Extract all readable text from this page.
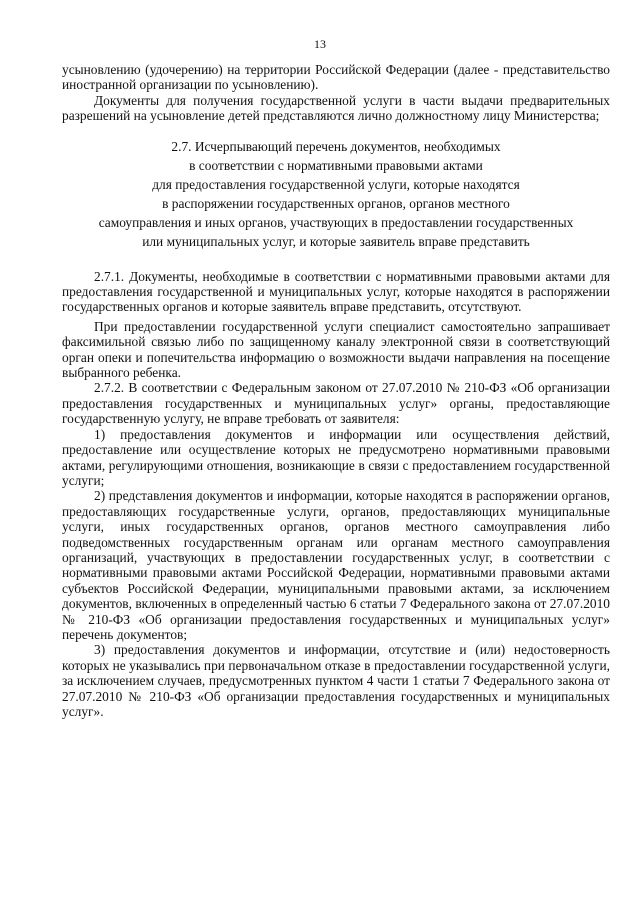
13

усыновлению (удочерению) на территории Российской Федерации (далее - представительство иностранной организации по усыновлению).

Документы для получения государственной услуги в части выдачи предварительных разрешений на усыновление детей представляются лично должностному лицу Министерства;

2.7. Исчерпывающий перечень документов, необходимых
в соответствии с нормативными правовыми актами
для предоставления государственной услуги, которые находятся
в распоряжении государственных органов, органов местного
самоуправления и иных органов, участвующих в предоставлении государственных
или муниципальных услуг, и которые заявитель вправе представить

2.7.1. Документы, необходимые в соответствии с нормативными правовыми актами для предоставления государственной и муниципальных услуг, которые находятся в распоряжении государственных органов и которые заявитель вправе представить, отсутствуют.

При предоставлении государственной услуги специалист самостоятельно запрашивает факсимильной связью либо по защищенному каналу электронной связи в соответствующий орган опеки и попечительства информацию о возможности выдачи направления на посещение выбранного ребенка.

2.7.2. В соответствии с Федеральным законом от 27.07.2010 № 210-ФЗ «Об организации предоставления государственных и муниципальных услуг» органы, предоставляющие государственную услугу, не вправе требовать от заявителя:

1) предоставления документов и информации или осуществления действий, предоставление или осуществление которых не предусмотрено нормативными правовыми актами, регулирующими отношения, возникающие в связи с предоставлением государственной услуги;

2) представления документов и информации, которые находятся в распоряжении органов, предоставляющих государственные услуги, органов, предоставляющих муниципальные услуги, иных государственных органов, органов местного самоуправления либо подведомственных государственным органам или органам местного самоуправления организаций, участвующих в предоставлении государственных услуг, в соответствии с нормативными правовыми актами Российской Федерации, нормативными правовыми актами субъектов Российской Федерации, муниципальными правовыми актами, за исключением документов, включенных в определенный частью 6 статьи 7 Федерального закона от 27.07.2010 № 210-ФЗ «Об организации предоставления государственных и муниципальных услуг» перечень документов;

3) предоставления документов и информации, отсутствие и (или) недостоверность которых не указывались при первоначальном отказе в предоставлении государственной услуги, за исключением случаев, предусмотренных пунктом 4 части 1 статьи 7 Федерального закона от 27.07.2010 № 210-ФЗ «Об организации предоставления государственных и муниципальных услуг».
